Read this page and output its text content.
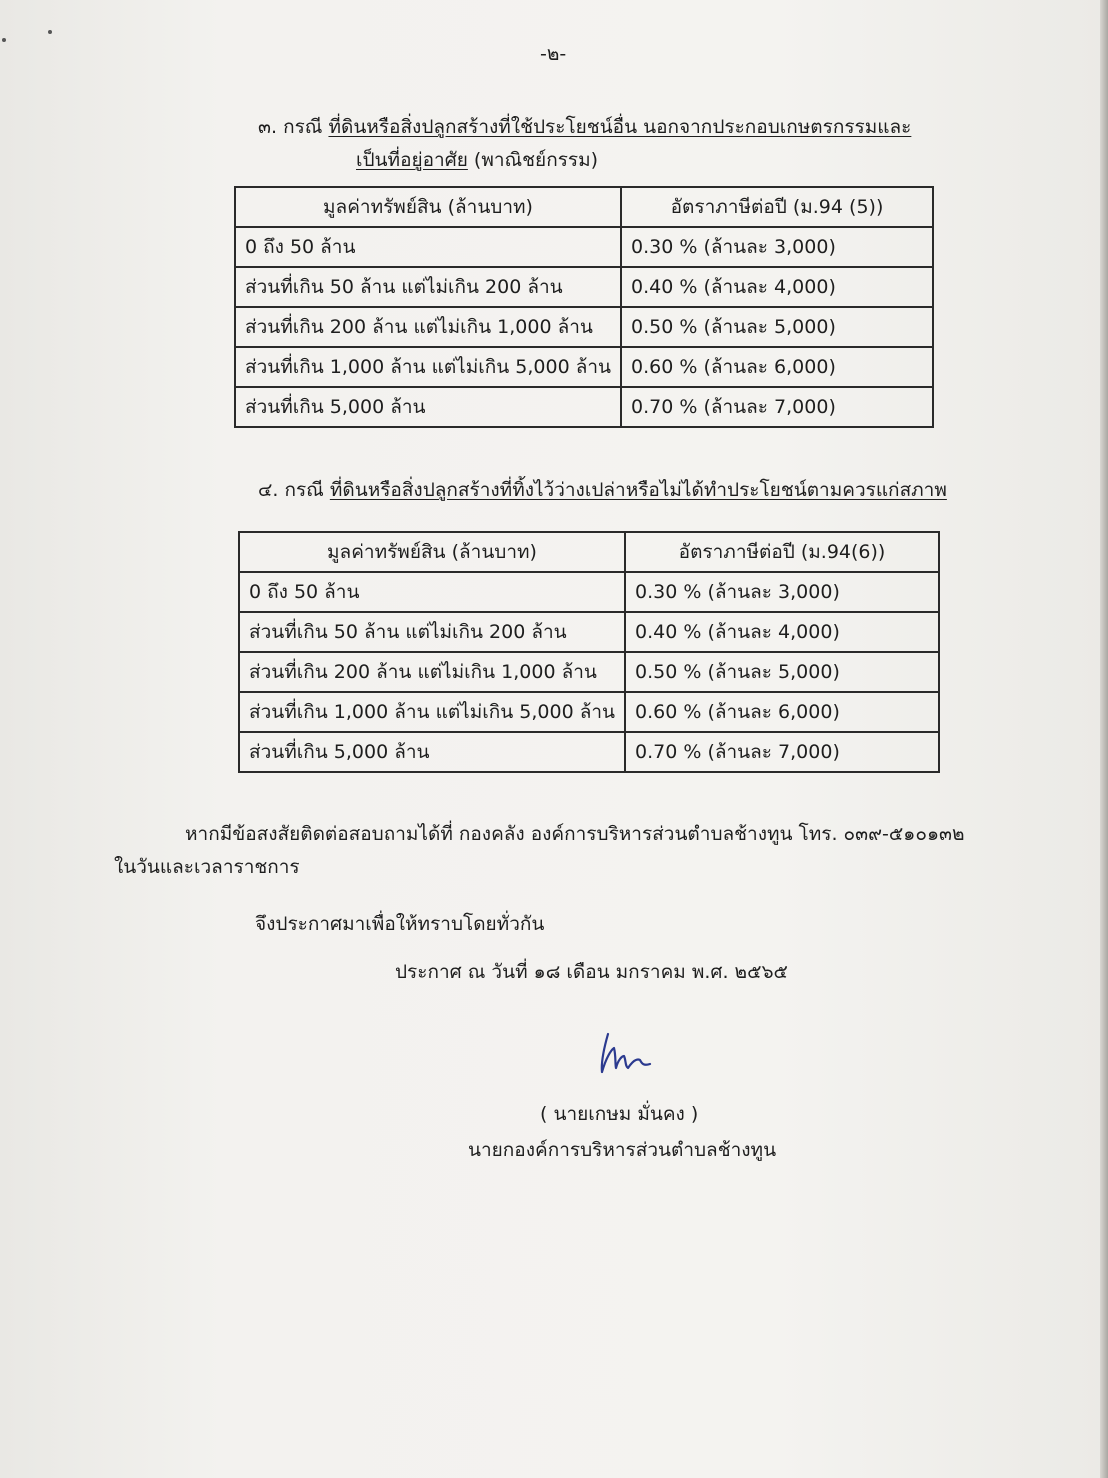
-๒-
๓. กรณี ที่ดินหรือสิ่งปลูกสร้างที่ใช้ประโยชน์อื่น นอกจากประกอบเกษตรกรรมและ
เป็นที่อยู่อาศัย (พาณิชย์กรรม)
มูลค่าทรัพย์สิน (ล้านบาท)	อัตราภาษีต่อปี (ม.94 (5))
0 ถึง 50 ล้าน	0.30 % (ล้านละ 3,000)
ส่วนที่เกิน 50 ล้าน แต่ไม่เกิน 200 ล้าน	0.40 % (ล้านละ 4,000)
ส่วนที่เกิน 200 ล้าน แต่ไม่เกิน 1,000 ล้าน	0.50 % (ล้านละ 5,000)
ส่วนที่เกิน 1,000 ล้าน แต่ไม่เกิน 5,000 ล้าน	0.60 % (ล้านละ 6,000)
ส่วนที่เกิน 5,000 ล้าน	0.70 % (ล้านละ 7,000)
๔. กรณี ที่ดินหรือสิ่งปลูกสร้างที่ทิ้งไว้ว่างเปล่าหรือไม่ได้ทำประโยชน์ตามควรแก่สภาพ
มูลค่าทรัพย์สิน (ล้านบาท)	อัตราภาษีต่อปี (ม.94(6))
0 ถึง 50 ล้าน	0.30 % (ล้านละ 3,000)
ส่วนที่เกิน 50 ล้าน แต่ไม่เกิน 200 ล้าน	0.40 % (ล้านละ 4,000)
ส่วนที่เกิน 200 ล้าน แต่ไม่เกิน 1,000 ล้าน	0.50 % (ล้านละ 5,000)
ส่วนที่เกิน 1,000 ล้าน แต่ไม่เกิน 5,000 ล้าน	0.60 % (ล้านละ 6,000)
ส่วนที่เกิน 5,000 ล้าน	0.70 % (ล้านละ 7,000)
หากมีข้อสงสัยติดต่อสอบถามได้ที่ กองคลัง องค์การบริหารส่วนตำบลช้างทูน โทร. ๐๓๙-๕๑๐๑๓๒
ในวันและเวลาราชการ
จึงประกาศมาเพื่อให้ทราบโดยทั่วกัน
ประกาศ ณ วันที่ ๑๘ เดือน มกราคม พ.ศ. ๒๕๖๕
( นายเกษม มั่นคง )
นายกองค์การบริหารส่วนตำบลช้างทูน
